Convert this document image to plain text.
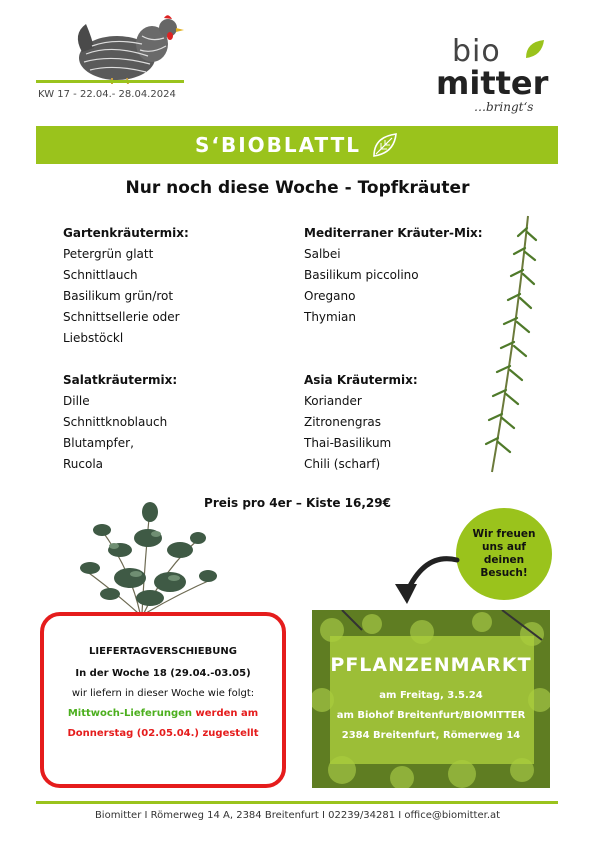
KW 17 - 22.04.- 28.04.2024
bio
mitter
…bringt‘s
S‘BIOBLATTL
Nur noch diese Woche - Topfkräuter
Gartenkräutermix:
Petergrün glatt
Schnittlauch
Basilikum grün/rot
Schnittsellerie oder
Liebstöckl
Mediterraner Kräuter-Mix:
Salbei
Basilikum piccolino
Oregano
Thymian
Salatkräutermix:
Dille
Schnittknoblauch
Blutampfer,
Rucola
Asia Kräutermix:
Koriander
Zitronengras
Thai-Basilikum
Chili (scharf)
Preis pro 4er – Kiste 16,29€
Wir freuen
uns auf
deinen
Besuch!
LIEFERTAGVERSCHIEBUNG
In der Woche 18 (29.04.-03.05)
wir liefern in dieser Woche wie folgt:
Mittwoch-Lieferungen werden am
Donnerstag (02.05.04.) zugestellt
PFLANZENMARKT
am Freitag, 3.5.24
am Biohof Breitenfurt/BIOMITTER
2384 Breitenfurt, Römerweg 14
Biomitter I Römerweg 14 A, 2384 Breitenfurt I 02239/34281 I office@biomitter.at
